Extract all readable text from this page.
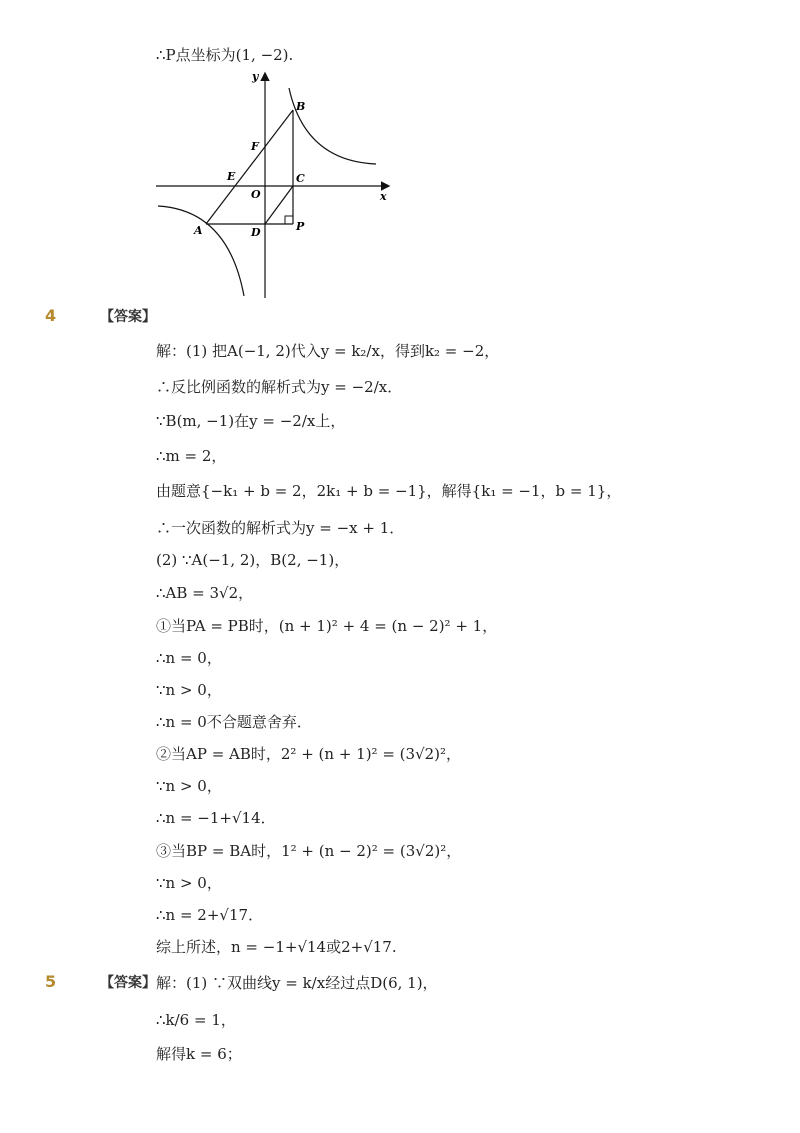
∴P点坐标为(1, −2).
y
x
B
F
E
O
C
A	D	P
4	【答案】
解：(1) 把A(−1, 2)代入y = k₂/x，得到k₂ = −2，
∴反比例函数的解析式为y = −2/x．
∵B(m, −1)在y = −2/x上，
∴m = 2，
由题意{−k₁ + b = 2，2k₁ + b = −1}，解得{k₁ = −1，b = 1}，
∴一次函数的解析式为y = −x + 1．
(2) ∵A(−1, 2)，B(2, −1)，
∴AB = 3√2，
①当PA = PB时，(n + 1)² + 4 = (n − 2)² + 1，
∴n = 0，
∵n > 0，
∴n = 0不合题意舍弃．
②当AP = AB时，2² + (n + 1)² = (3√2)²，
∵n > 0，
∴n = −1+√14．
③当BP = BA时，1² + (n − 2)² = (3√2)²，
∵n > 0，
∴n = 2+√17．
综上所述，n = −1+√14或2+√17.
5	【答案】 解：(1) ∵双曲线y = k/x经过点D(6, 1)，
∴k/6 = 1，
解得k = 6；
